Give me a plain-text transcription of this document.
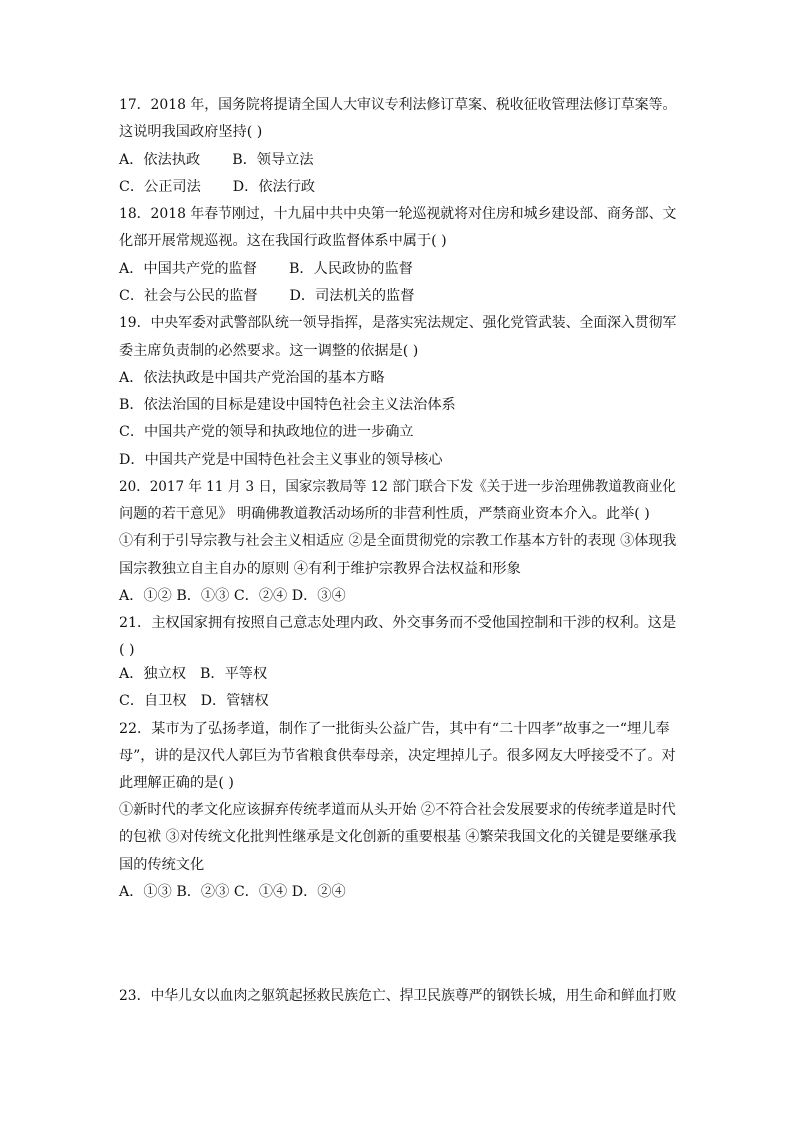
17．2018 年，国务院将提请全国人大审议专利法修订草案、税收征收管理法修订草案等。
这说明我国政府坚持( )
A．依法执政 B．领导立法
C．公正司法 D．依法行政
18．2018 年春节刚过，十九届中共中央第一轮巡视就将对住房和城乡建设部、商务部、文
化部开展常规巡视。这在我国行政监督体系中属于( )
A．中国共产党的监督 B．人民政协的监督
C．社会与公民的监督 D．司法机关的监督
19．中央军委对武警部队统一领导指挥，是落实宪法规定、强化党管武装、全面深入贯彻军
委主席负责制的必然要求。这一调整的依据是( )
A．依法执政是中国共产党治国的基本方略
B．依法治国的目标是建设中国特色社会主义法治体系
C．中国共产党的领导和执政地位的进一步确立
D．中国共产党是中国特色社会主义事业的领导核心
20．2017 年 11 月 3 日，国家宗教局等 12 部门联合下发《关于进一步治理佛教道教商业化
问题的若干意见》 明确佛教道教活动场所的非营利性质，严禁商业资本介入。此举( )
①有利于引导宗教与社会主义相适应 ②是全面贯彻党的宗教工作基本方针的表现 ③体现我
国宗教独立自主自办的原则 ④有利于维护宗教界合法权益和形象
A．①② B．①③ C．②④ D．③④
21．主权国家拥有按照自己意志处理内政、外交事务而不受他国控制和干涉的权利。这是
( )
A．独立权 B．平等权
C．自卫权 D．管辖权
22．某市为了弘扬孝道，制作了一批街头公益广告，其中有“二十四孝”故事之一“埋儿奉
母”，讲的是汉代人郭巨为节省粮食供奉母亲，决定埋掉儿子。很多网友大呼接受不了。对
此理解正确的是( )
①新时代的孝文化应该摒弃传统孝道而从头开始 ②不符合社会发展要求的传统孝道是时代
的包袱 ③对传统文化批判性继承是文化创新的重要根基 ④繁荣我国文化的关键是要继承我
国的传统文化
A．①③ B．②③ C．①④ D．②④
23．中华儿女以血肉之躯筑起拯救民族危亡、捍卫民族尊严的钢铁长城，用生命和鲜血打败
